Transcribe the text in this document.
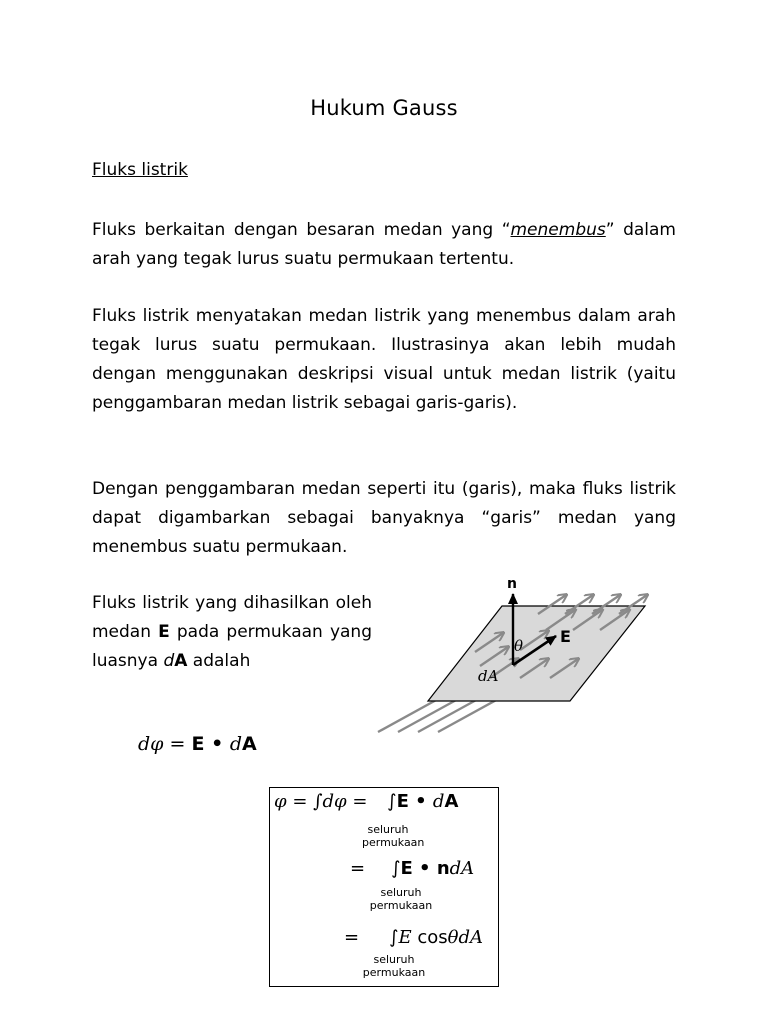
Hukum Gauss
Fluks listrik
Fluks berkaitan dengan besaran medan yang “menembus” dalam arah yang tegak lurus suatu permukaan tertentu.
Fluks listrik menyatakan medan listrik yang menembus dalam arah tegak lurus suatu permukaan. Ilustrasinya akan lebih mudah dengan menggunakan deskripsi visual untuk medan listrik (yaitu penggambaran medan listrik sebagai garis-garis).
Dengan penggambaran medan seperti itu (garis), maka fluks listrik dapat digambarkan sebagai banyaknya “garis” medan yang menembus suatu permukaan.
Fluks listrik yang dihasilkan oleh medan E pada permukaan yang luasnya dA adalah
dφ = E • dA
n
E
θ
dA
φ = ∫dφ = ∫E • dA
seluruh
permukaan
= ∫E • ndA
seluruh
permukaan
= ∫E cosθdA
seluruh
permukaan
